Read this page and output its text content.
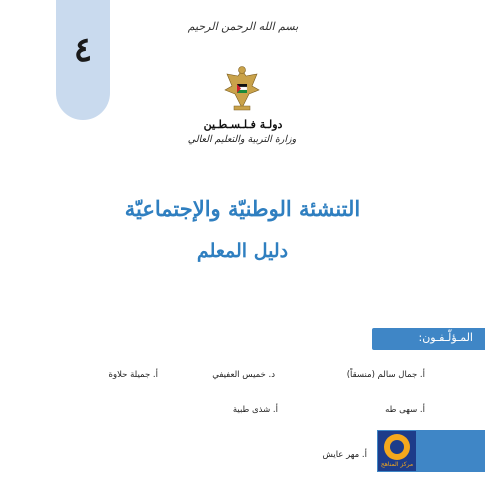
٤
بسم الله الرحمن الرحيم
دولـة فـلـسـطـين
وزارة التربية والتعليم العالي
التنشئة الوطنيّة والإجتماعيّة
دليل المعلم
المـؤلّـفـون:
أ. جمال سالم (منسقاً)
د. خميس العفيفي
أ. جميلة حلاوة
أ. سهى طه
أ. شذى طبية
أ. مهر عايش
مركز المناهج
